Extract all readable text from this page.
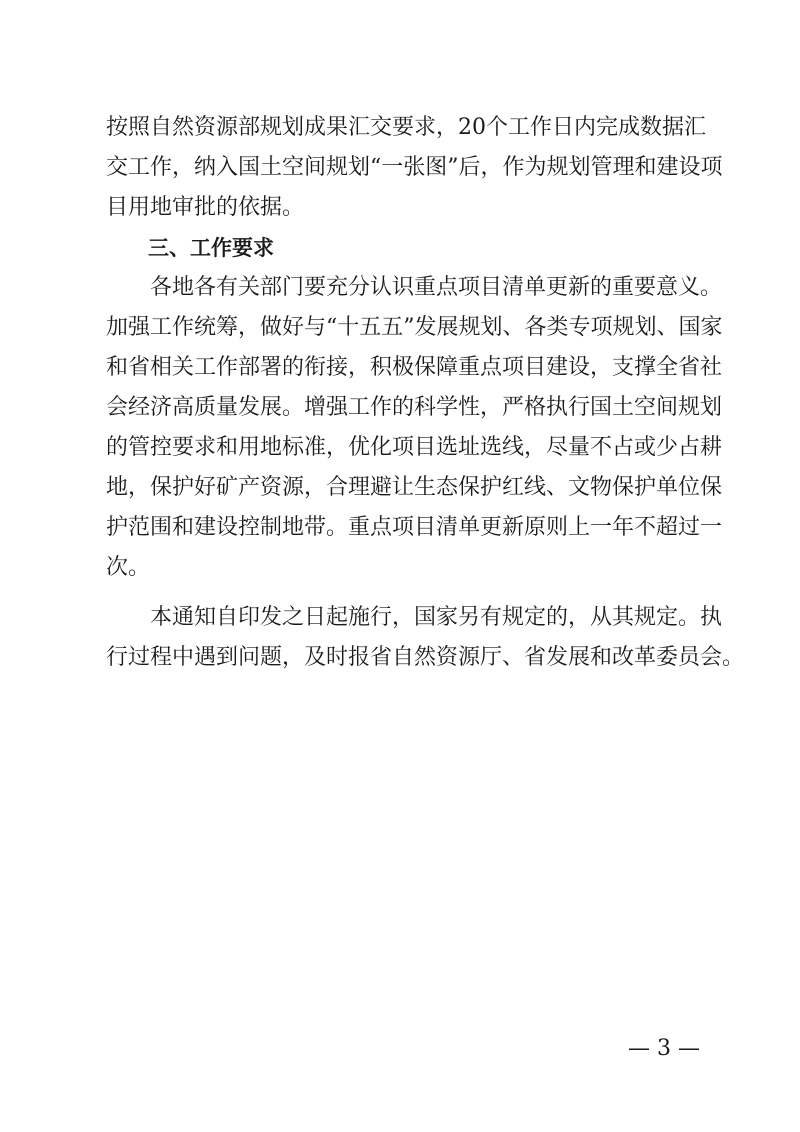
按照自然资源部规划成果汇交要求，20个工作日内完成数据汇
交工作，纳入国土空间规划“一张图”后，作为规划管理和建设项
目用地审批的依据。
三、工作要求
各地各有关部门要充分认识重点项目清单更新的重要意义。
加强工作统筹，做好与“十五五”发展规划、各类专项规划、国家
和省相关工作部署的衔接，积极保障重点项目建设，支撑全省社
会经济高质量发展。增强工作的科学性，严格执行国土空间规划
的管控要求和用地标准，优化项目选址选线，尽量不占或少占耕
地，保护好矿产资源，合理避让生态保护红线、文物保护单位保
护范围和建设控制地带。重点项目清单更新原则上一年不超过一
次。
本通知自印发之日起施行，国家另有规定的，从其规定。执
行过程中遇到问题，及时报省自然资源厅、省发展和改革委员会。
— 3 —
